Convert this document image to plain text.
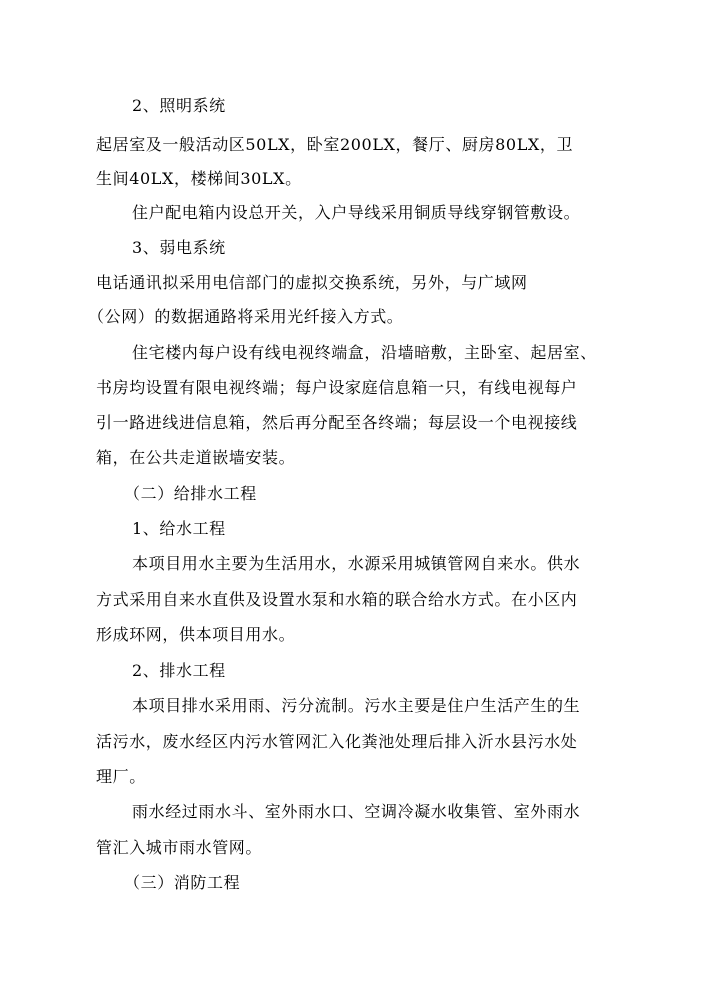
2、照明系统
起居室及一般活动区50LX，卧室200LX，餐厅、厨房80LX，卫
生间40LX，楼梯间30LX。
住户配电箱内设总开关，入户导线采用铜质导线穿钢管敷设。
3、弱电系统
电话通讯拟采用电信部门的虚拟交换系统，另外，与广域网
（公网）的数据通路将采用光纤接入方式。
住宅楼内每户设有线电视终端盒，沿墙暗敷，主卧室、起居室、
书房均设置有限电视终端；每户设家庭信息箱一只，有线电视每户
引一路进线进信息箱，然后再分配至各终端；每层设一个电视接线
箱，在公共走道嵌墙安装。
（二）给排水工程
1、给水工程
本项目用水主要为生活用水，水源采用城镇管网自来水。供水
方式采用自来水直供及设置水泵和水箱的联合给水方式。在小区内
形成环网，供本项目用水。
2、排水工程
本项目排水采用雨、污分流制。污水主要是住户生活产生的生
活污水，废水经区内污水管网汇入化粪池处理后排入沂水县污水处
理厂。
雨水经过雨水斗、室外雨水口、空调冷凝水收集管、室外雨水
管汇入城市雨水管网。
（三）消防工程
